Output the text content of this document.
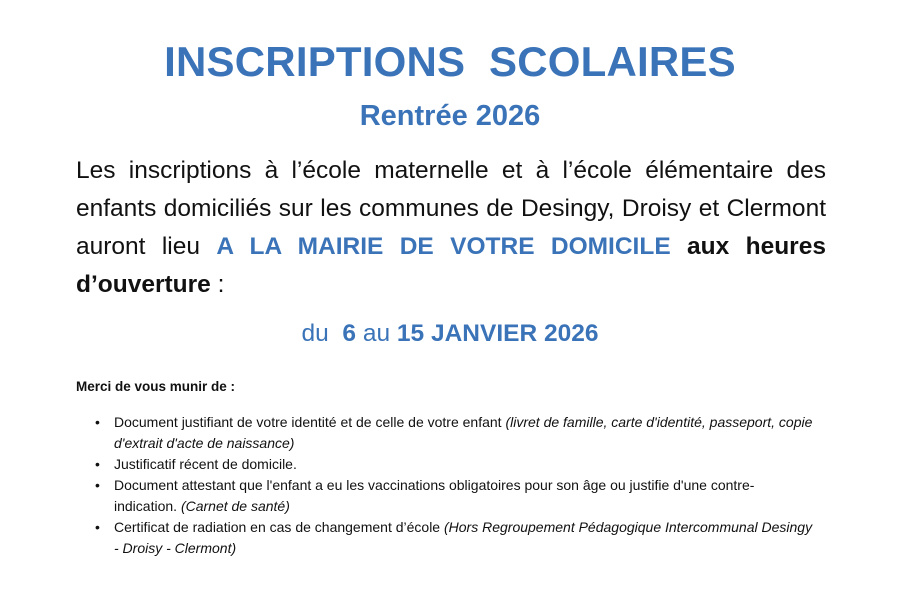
INSCRIPTIONS  SCOLAIRES
Rentrée 2026
Les inscriptions à l’école maternelle et à l’école élémentaire des enfants domiciliés sur les communes de Desingy, Droisy et Clermont auront lieu A LA MAIRIE DE VOTRE DOMICILE aux heures d’ouverture :
du  6 au 15 JANVIER 2026
Merci de vous munir de :
• Document justifiant de votre identité et de celle de votre enfant (livret de famille, carte d'identité, passeport, copie d'extrait d'acte de naissance)
• Justificatif récent de domicile.
• Document attestant que l'enfant a eu les vaccinations obligatoires pour son âge ou justifie d'une contre-indication. (Carnet de santé)
• Certificat de radiation en cas de changement d’école (Hors Regroupement Pédagogique Intercommunal Desingy - Droisy - Clermont)
